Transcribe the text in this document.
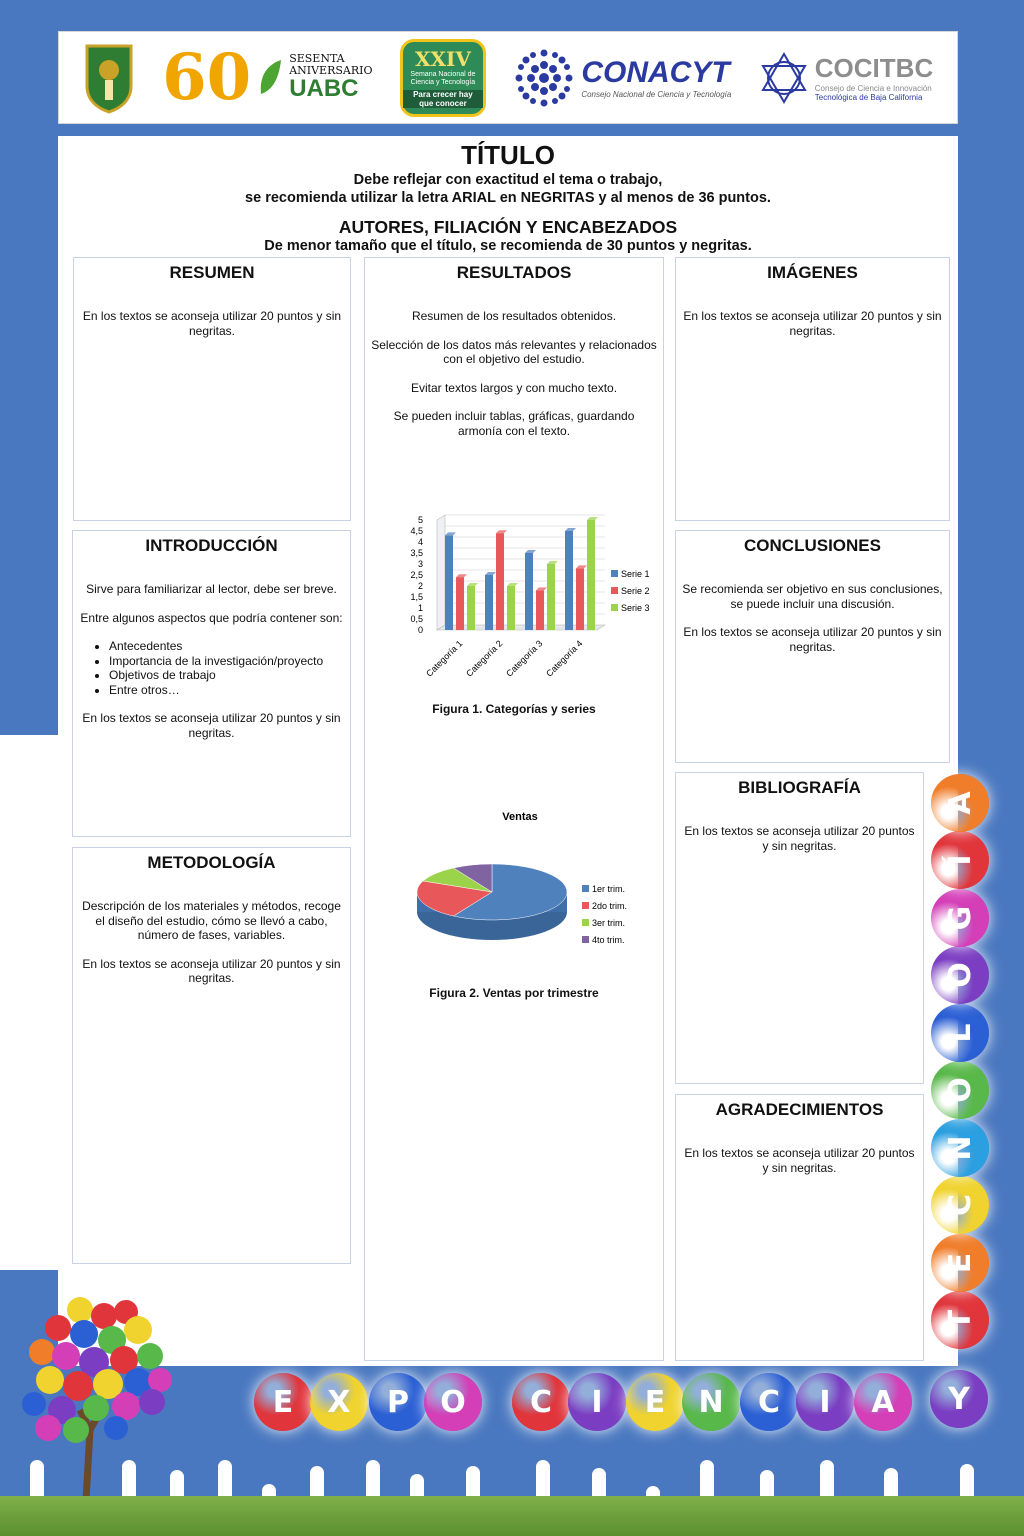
60	SESENTA
ANIVERSARIO
UABC
XXIV
Semana Nacional de Ciencia y Tecnología
Para crecer hay que conocer
CONACYT
Consejo Nacional de Ciencia y Tecnología
COCITBC
Consejo de Ciencia e Innovación
Tecnológica de Baja California
TÍTULO
Debe reflejar con exactitud el tema o trabajo,
se recomienda utilizar la letra ARIAL en NEGRITAS y al menos de 36 puntos.
AUTORES, FILIACIÓN Y ENCABEZADOS
De menor tamaño que el título, se recomienda de 30 puntos y negritas.
RESUMEN

En los textos se aconseja utilizar 20 puntos y sin negritas.

RESULTADOS

Resumen de los resultados obtenidos.

Selección de los datos más relevantes y relacionados con el objetivo del estudio.

Evitar textos largos y con mucho texto.

Se pueden incluir tablas, gráficas, guardando armonía con el texto.

IMÁGENES

En los textos se aconseja utilizar 20 puntos y sin negritas.

INTRODUCCIÓN

Sirve para familiarizar al lector, debe ser breve.

Entre algunos aspectos que podría contener son:

• Antecedentes
• Importancia de la investigación/proyecto
• Objetivos de trabajo
• Entre otros…

En los textos se aconseja utilizar 20 puntos y sin negritas.

CONCLUSIONES

Se recomienda ser objetivo en sus conclusiones, se puede incluir una discusión.

En los textos se aconseja utilizar 20 puntos y sin negritas.

METODOLOGÍA

Descripción de los materiales y métodos, recoge el diseño del estudio, cómo se llevó a cabo, número de fases, variables.

En los textos se aconseja utilizar 20 puntos y sin negritas.

BIBLIOGRAFÍA

En los textos se aconseja utilizar 20 puntos y sin negritas.

AGRADECIMIENTOS

En los textos se aconseja utilizar 20 puntos y sin negritas.

0
0,5
1
1,5
2
2,5
3
3,5
4
4,5
5
Categoría 1 Categoría 2 Categoría 3 Categoría 4
Serie 1
Serie 2
Serie 3
Figura 1. Categorías y series
Ventas
1er trim.
2do trim.
3er trim.
4to trim.
Figura 2. Ventas por trimestre
E	X	P	O	C	I	E	N	C	I	A	Y
T
E
C
N
O
L
O
G
Í
A
